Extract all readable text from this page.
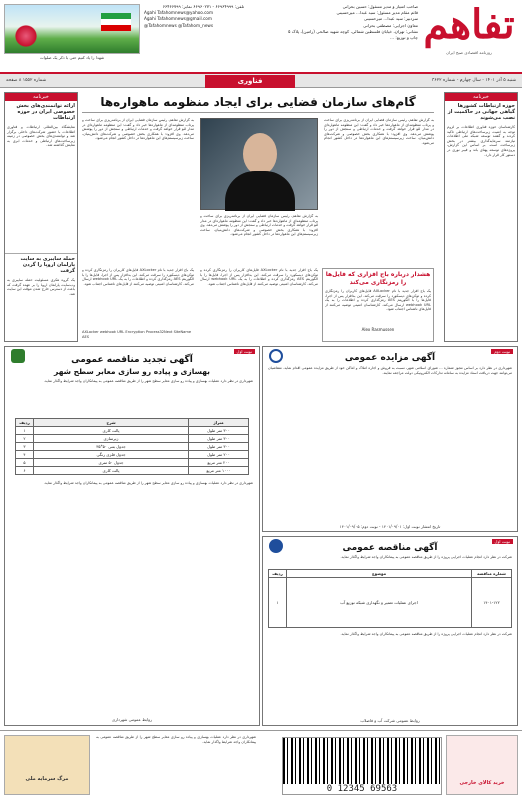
تفاهم
روزنامه اقتصادی صبح ایران
صاحب امتیاز و مدیر مسئول: حسین بحرانی
قائم مقام مدیر مسئول: سید عبدا... میرحسینی
سردبیر: سید عبدا... میرحسینی
معاون اجرایی: مصطفی بحرانی
نشانی: تهران، خیابان فلسطین شمالی، کوچه شهید صالحی (رامین)، پلاک ۵
چاپ و توزیع: ...
تلفن: ۶۶۹۶۴۹۹۹ - ۶۶۹۶۰۲۷۱ نمابر: ۶۶۴۶۶۷۹۹
Agahi Tafahomnews@yahoo.com
Agahi Tafahomnews@gmail.com
@Tafahomnews @Tafahom_news
شهدا را یاد کنیم حتی با ذکر یک صلوات
شنبه ۵ آذر ۱۴۰۱ - سال چهارم - شماره ۳۶۲۲
فناوری
شماره ۱۵۵۲ ۸ صفحه
خبرنامه
حوزه ارتباطات کشورها گیاهی جهانی در حاکمیت از نصب می‌شوند
کارشناسان حوزه فناوری اطلاعات بر لزوم توجه به امنیت زیرساخت‌های ارتباطی تاکید کردند و گفتند توسعه شبکه ملی اطلاعات نیازمند سرمایه‌گذاری بیشتر در بخش زیرساخت است. بر اساس این گزارش، پروژه‌های توسعه پهنای باند و فیبر نوری در دستور کار قرار دارد.
گام‌های سازمان فضایی برای ایجاد منظومه ماهواره‌ها
به گزارش تفاهم، رئیس سازمان فضایی ایران از برنامه‌ریزی برای ساخت و پرتاب منظومه‌ای از ماهواره‌ها خبر داد و گفت: این منظومه ماهواره‌ای در مدار لئو قرار خواهد گرفت و خدمات ارتباطی و سنجش از دور را پوشش می‌دهد. وی افزود: با همکاری بخش خصوصی و شرکت‌های دانش‌بنیان، ساخت زیرسیستم‌های این ماهواره‌ها در داخل کشور انجام می‌شود.
به گزارش تفاهم، رئیس سازمان فضایی ایران از برنامه‌ریزی برای ساخت و پرتاب منظومه‌ای از ماهواره‌ها خبر داد و گفت: این منظومه ماهواره‌ای در مدار لئو قرار خواهد گرفت و خدمات ارتباطی و سنجش از دور را پوشش می‌دهد. وی افزود: با همکاری بخش خصوصی و شرکت‌های دانش‌بنیان، ساخت زیرسیستم‌های این ماهواره‌ها در داخل کشور انجام می‌شود.
به گزارش تفاهم، رئیس سازمان فضایی ایران از برنامه‌ریزی برای ساخت و پرتاب منظومه‌ای از ماهواره‌ها خبر داد و گفت: این منظومه ماهواره‌ای در مدار لئو قرار خواهد گرفت و خدمات ارتباطی و سنجش از دور را پوشش می‌دهد. وی افزود: با همکاری بخش خصوصی و شرکت‌های دانش‌بنیان، ساخت زیرسیستم‌های این ماهواره‌ها در داخل کشور انجام می‌شود.
هشدار درباره باج افزاری که فایل‌ها را رمزنگاری می‌کند
یک باج افزار جدید با نام AXLocker فایل‌های کاربران را رمزنگاری کرده و توکن‌های دیسکورد را سرقت می‌کند. این بدافزار پس از اجرا، فایل‌ها را با الگوریتم AES رمزگذاری کرده و اطلاعات را به یک webhook URL ارسال می‌کند. کارشناسان امنیتی توصیه می‌کنند از فایل‌های ناشناس اجتناب شود.
Alex Rasmussen
یک باج افزار جدید با نام AXLocker فایل‌های کاربران را رمزنگاری کرده و توکن‌های دیسکورد را سرقت می‌کند. این بدافزار پس از اجرا، فایل‌ها را با الگوریتم AES رمزگذاری کرده و اطلاعات را به یک webhook URL ارسال می‌کند. کارشناسان امنیتی توصیه می‌کنند از فایل‌های ناشناس اجتناب شود.
یک باج افزار جدید با نام AXLocker فایل‌های کاربران را رمزنگاری کرده و توکن‌های دیسکورد را سرقت می‌کند. این بدافزار پس از اجرا، فایل‌ها را با الگوریتم AES رمزگذاری کرده و اطلاعات را به یک webhook URL ارسال می‌کند. کارشناسان امنیتی توصیه می‌کنند از فایل‌های ناشناس اجتناب شود.
AXLocker webhook URL Encryption Process32Next SiteName AES
خبرنامه
ارائه توانمندی‌های بخش خصوصی ایران در حوزه ارتباطات
نمایشگاه بین‌المللی ارتباطات و فناوری اطلاعات با حضور شرکت‌های داخلی برگزار شد و توانمندی‌های بخش خصوصی در زمینه زیرساخت‌های ارتباطی و خدمات ابری به نمایش گذاشته شد.
حمله سایبری به سایت پارلمان اروپا را گردن گرفت
یک گروه هکری مسئولیت حمله سایبری به وب‌سایت پارلمان اروپا را بر عهده گرفت که باعث از دسترس خارج شدن موقت این سایت شد.
نوبت دوم
آگهی مزایده عمومی
شهرداری در نظر دارد بر اساس مجوز شماره ... شورای اسلامی شهر، نسبت به فروش و اجاره املاک و اماکن خود از طریق مزایده عمومی اقدام نماید. متقاضیان می‌توانند جهت دریافت اسناد مزایده به سامانه تدارکات الکترونیکی دولت مراجعه نمایند.
تاریخ انتشار نوبت اول: ۱۴۰۱/۰۹/۰۱ - نوبت دوم: ۱۴۰۱/۰۹/۰۵
نوبت اول
آگهی مناقصه عمومی
شرکت در نظر دارد انجام عملیات اجرایی پروژه را از طریق مناقصه عمومی به پیمانکاران واجد شرایط واگذار نماید.
ردیف	موضوع	شماره مناقصه
۱	اجرای عملیات تعمیر و نگهداری شبکه توزیع آب	۱۴۰۱-۱۲۲
شرکت در نظر دارد انجام عملیات اجرایی پروژه را از طریق مناقصه عمومی به پیمانکاران واجد شرایط واگذار نماید.
روابط عمومی شرکت آب و فاضلاب
نوبت اول
آگهی تجدید مناقصه عمومی
بهسازی و پیاده رو سازی معابر سطح شهر
شهرداری در نظر دارد عملیات بهسازی و پیاده رو سازی معابر سطح شهر را از طریق مناقصه عمومی به پیمانکاران واجد شرایط واگذار نماید.
ردیف	شرح	متراژ
۱	پالت کاری	۳۰۰ متر طول
۲	زیرسازی	۳۰۰ متر طول
۳	جدول بتنی ۵۰*۳۵	۳۰۰ متر طول
۴	جدول فلزی رنگی	۲۰۰ متر طول
۵	جدول ۵۰ متری	۲۰۰ متر مربع
۶	پالت کاری	۱۰۰۰ متر مربع
شهرداری در نظر دارد عملیات بهسازی و پیاده رو سازی معابر سطح شهر را از طریق مناقصه عمومی به پیمانکاران واجد شرایط واگذار نماید.
روابط عمومی شهرداری
مرگ سرمایه ملی
شهرداری در نظر دارد عملیات بهسازی و پیاده رو سازی معابر سطح شهر را از طریق مناقصه عمومی به پیمانکاران واجد شرایط واگذار نماید.
0 12345 69563
خرید کالای خارجی
